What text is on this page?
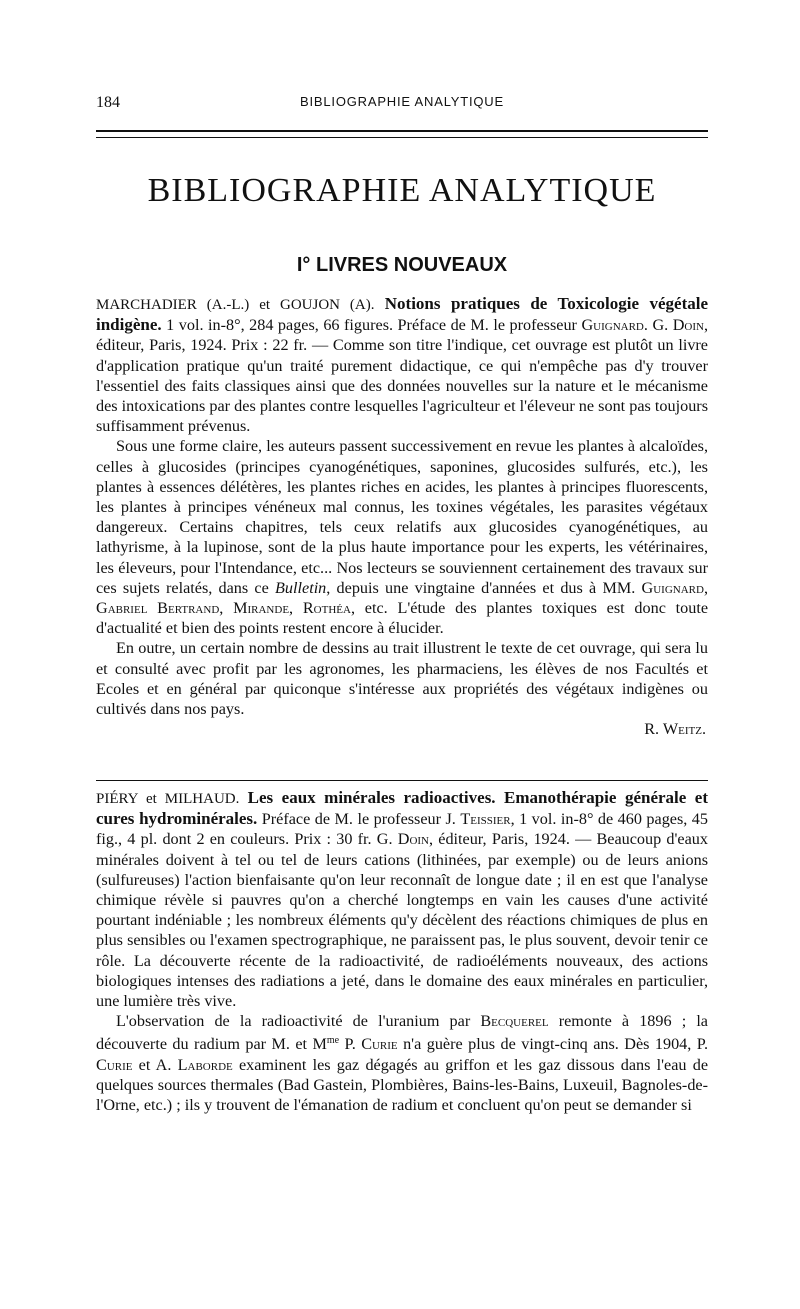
184	BIBLIOGRAPHIE ANALYTIQUE
BIBLIOGRAPHIE ANALYTIQUE
I° LIVRES NOUVEAUX

MARCHADIER (A.-L.) et GOUJON (A). Notions pratiques de Toxicologie végétale indigène. 1 vol. in-8°, 284 pages, 66 figures. Préface de M. le professeur Guignard. G. Doin, éditeur, Paris, 1924. Prix : 22 fr. — Comme son titre l'indique, cet ouvrage est plutôt un livre d'application pratique qu'un traité purement didactique, ce qui n'empêche pas d'y trouver l'essentiel des faits classiques ainsi que des données nouvelles sur la nature et le mécanisme des intoxications par des plantes contre lesquelles l'agriculteur et l'éleveur ne sont pas toujours suffisamment prévenus.

Sous une forme claire, les auteurs passent successivement en revue les plantes à alcaloïdes, celles à glucosides (principes cyanogénétiques, saponines, glucosides sulfurés, etc.), les plantes à essences délétères, les plantes riches en acides, les plantes à principes fluorescents, les plantes à principes vénéneux mal connus, les toxines végétales, les parasites végétaux dangereux. Certains chapitres, tels ceux relatifs aux glucosides cyanogénétiques, au lathyrisme, à la lupinose, sont de la plus haute importance pour les experts, les vétérinaires, les éleveurs, pour l'Intendance, etc... Nos lecteurs se souviennent certainement des travaux sur ces sujets relatés, dans ce Bulletin, depuis une vingtaine d'années et dus à MM. Guignard, Gabriel Bertrand, Mirande, Rothéa, etc. L'étude des plantes toxiques est donc toute d'actualité et bien des points restent encore à élucider.

En outre, un certain nombre de dessins au trait illustrent le texte de cet ouvrage, qui sera lu et consulté avec profit par les agronomes, les pharmaciens, les élèves de nos Facultés et Ecoles et en général par quiconque s'intéresse aux propriétés des végétaux indigènes ou cultivés dans nos pays.

R. Weitz.

PIÉRY et MILHAUD. Les eaux minérales radioactives. Emanothérapie générale et cures hydrominérales. Préface de M. le professeur J. Teissier, 1 vol. in-8° de 460 pages, 45 fig., 4 pl. dont 2 en couleurs. Prix : 30 fr. G. Doin, éditeur, Paris, 1924. — Beaucoup d'eaux minérales doivent à tel ou tel de leurs cations (lithinées, par exemple) ou de leurs anions (sulfureuses) l'action bienfaisante qu'on leur reconnaît de longue date ; il en est que l'analyse chimique révèle si pauvres qu'on a cherché longtemps en vain les causes d'une activité pourtant indéniable ; les nombreux éléments qu'y décèlent des réactions chimiques de plus en plus sensibles ou l'examen spectrographique, ne paraissent pas, le plus souvent, devoir tenir ce rôle. La découverte récente de la radioactivité, de radioéléments nouveaux, des actions biologiques intenses des radiations a jeté, dans le domaine des eaux minérales en particulier, une lumière très vive.

L'observation de la radioactivité de l'uranium par Becquerel remonte à 1896 ; la découverte du radium par M. et $M^{me}$ P. Curie n'a guère plus de vingt-cinq ans. Dès 1904, P. Curie et A. Laborde examinent les gaz dégagés au griffon et les gaz dissous dans l'eau de quelques sources thermales (Bad Gastein, Plombières, Bains-les-Bains, Luxeuil, Bagnoles-de-l'Orne, etc.) ; ils y trouvent de l'émanation de radium et concluent qu'on peut se demander si
